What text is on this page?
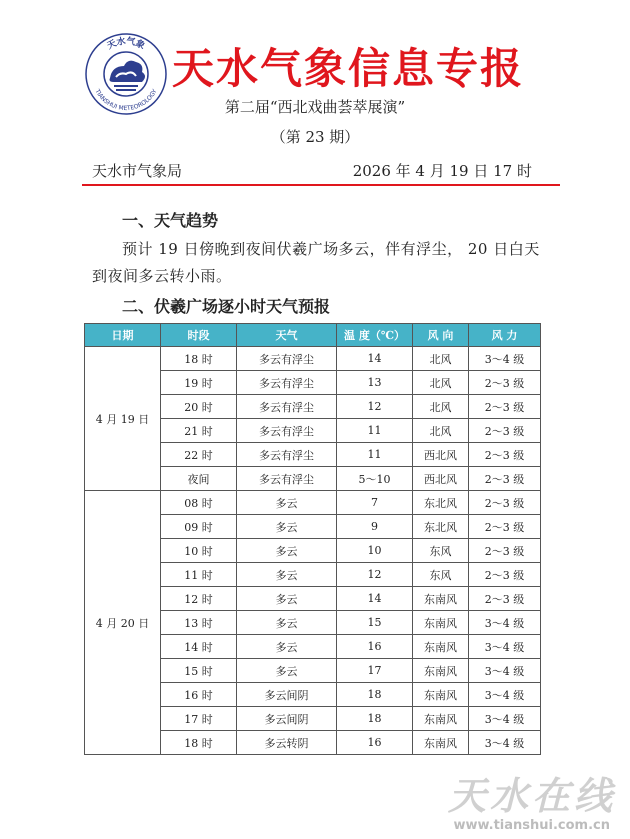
天水气象
TIANSHUI METEOROLOGY 天水气象信息专报
第二届“西北戏曲荟萃展演”
（第 23 期）
天水市气象局	2026 年 4 月 19 日 17 时
一、天气趋势
预计 19 日傍晚到夜间伏羲广场多云，伴有浮尘， 20 日白天到夜间多云转小雨。
二、伏羲广场逐小时天气预报
日期	时段	天气	温 度（℃）	风 向	风 力
4 月 19 日	18 时	多云有浮尘	14	北风	3～4 级
	19 时	多云有浮尘	13	北风	2～3 级
	20 时	多云有浮尘	12	北风	2～3 级
	21 时	多云有浮尘	11	北风	2～3 级
	22 时	多云有浮尘	11	西北风	2～3 级
	夜间	多云有浮尘	5～10	西北风	2～3 级
4 月 20 日	08 时	多云	7	东北风	2～3 级
	09 时	多云	9	东北风	2～3 级
	10 时	多云	10	东风	2～3 级
	11 时	多云	12	东风	2～3 级
	12 时	多云	14	东南风	2～3 级
	13 时	多云	15	东南风	3～4 级
	14 时	多云	16	东南风	3～4 级
	15 时	多云	17	东南风	3～4 级
	16 时	多云间阴	18	东南风	3～4 级
	17 时	多云间阴	18	东南风	3～4 级
	18 时	多云转阴	16	东南风	3～4 级
天水在线
www.tianshui.com.cn
